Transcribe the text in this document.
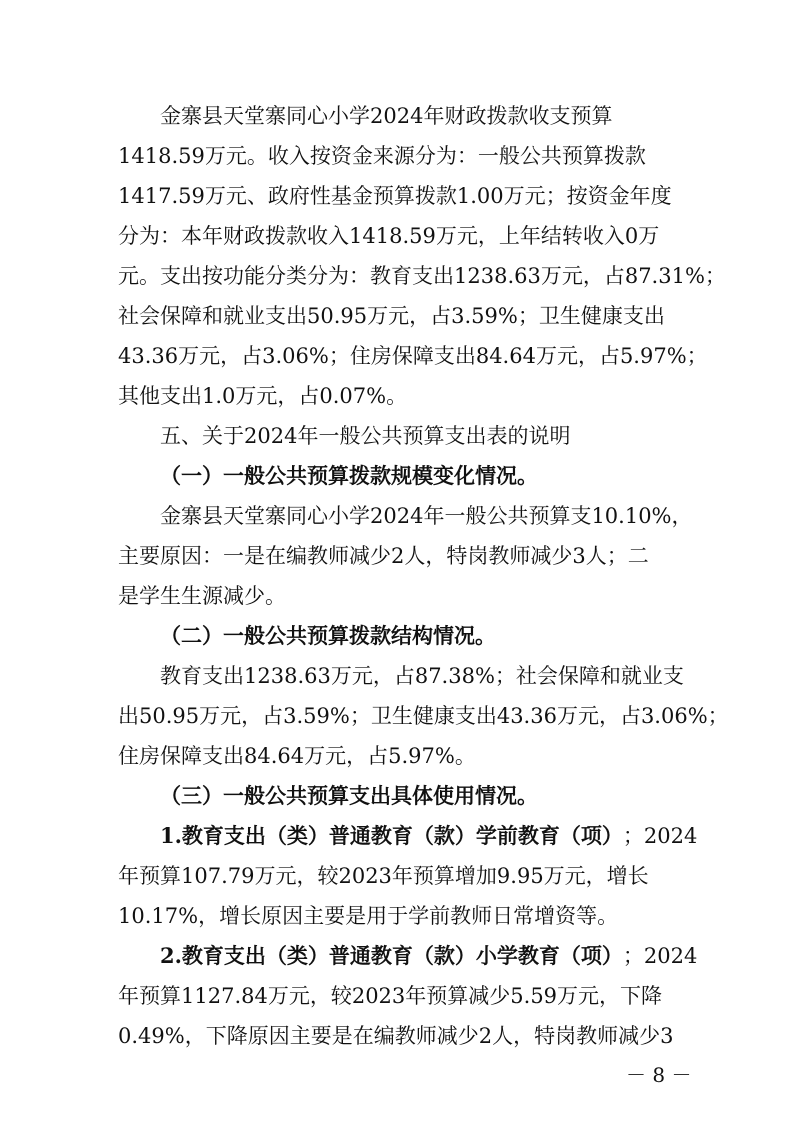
金寨县天堂寨同心小学2024年财政拨款收支预算
1418.59万元。收入按资金来源分为：一般公共预算拨款
1417.59万元、政府性基金预算拨款1.00万元；按资金年度
分为：本年财政拨款收入1418.59万元，上年结转收入0万
元。支出按功能分类分为：教育支出1238.63万元，占87.31%；
社会保障和就业支出50.95万元，占3.59%；卫生健康支出
43.36万元，占3.06%；住房保障支出84.64万元，占5.97%；
其他支出1.0万元，占0.07%。
五、关于2024年一般公共预算支出表的说明
（一）一般公共预算拨款规模变化情况。
金寨县天堂寨同心小学2024年一般公共预算支10.10%，
主要原因：一是在编教师减少2人，特岗教师减少3人；二
是学生生源减少。
（二）一般公共预算拨款结构情况。
教育支出1238.63万元，占87.38%；社会保障和就业支
出50.95万元，占3.59%；卫生健康支出43.36万元，占3.06%；
住房保障支出84.64万元，占5.97%。
（三）一般公共预算支出具体使用情况。
1.教育支出（类）普通教育（款）学前教育（项） ；2024
年预算107.79万元，较2023年预算增加9.95万元，增长
10.17%，增长原因主要是用于学前教师日常增资等。
2.教育支出（类）普通教育（款）小学教育（项） ；2024
年预算1127.84万元，较2023年预算减少5.59万元，下降
0.49%，下降原因主要是在编教师减少2人，特岗教师减少3
－ 8 －
